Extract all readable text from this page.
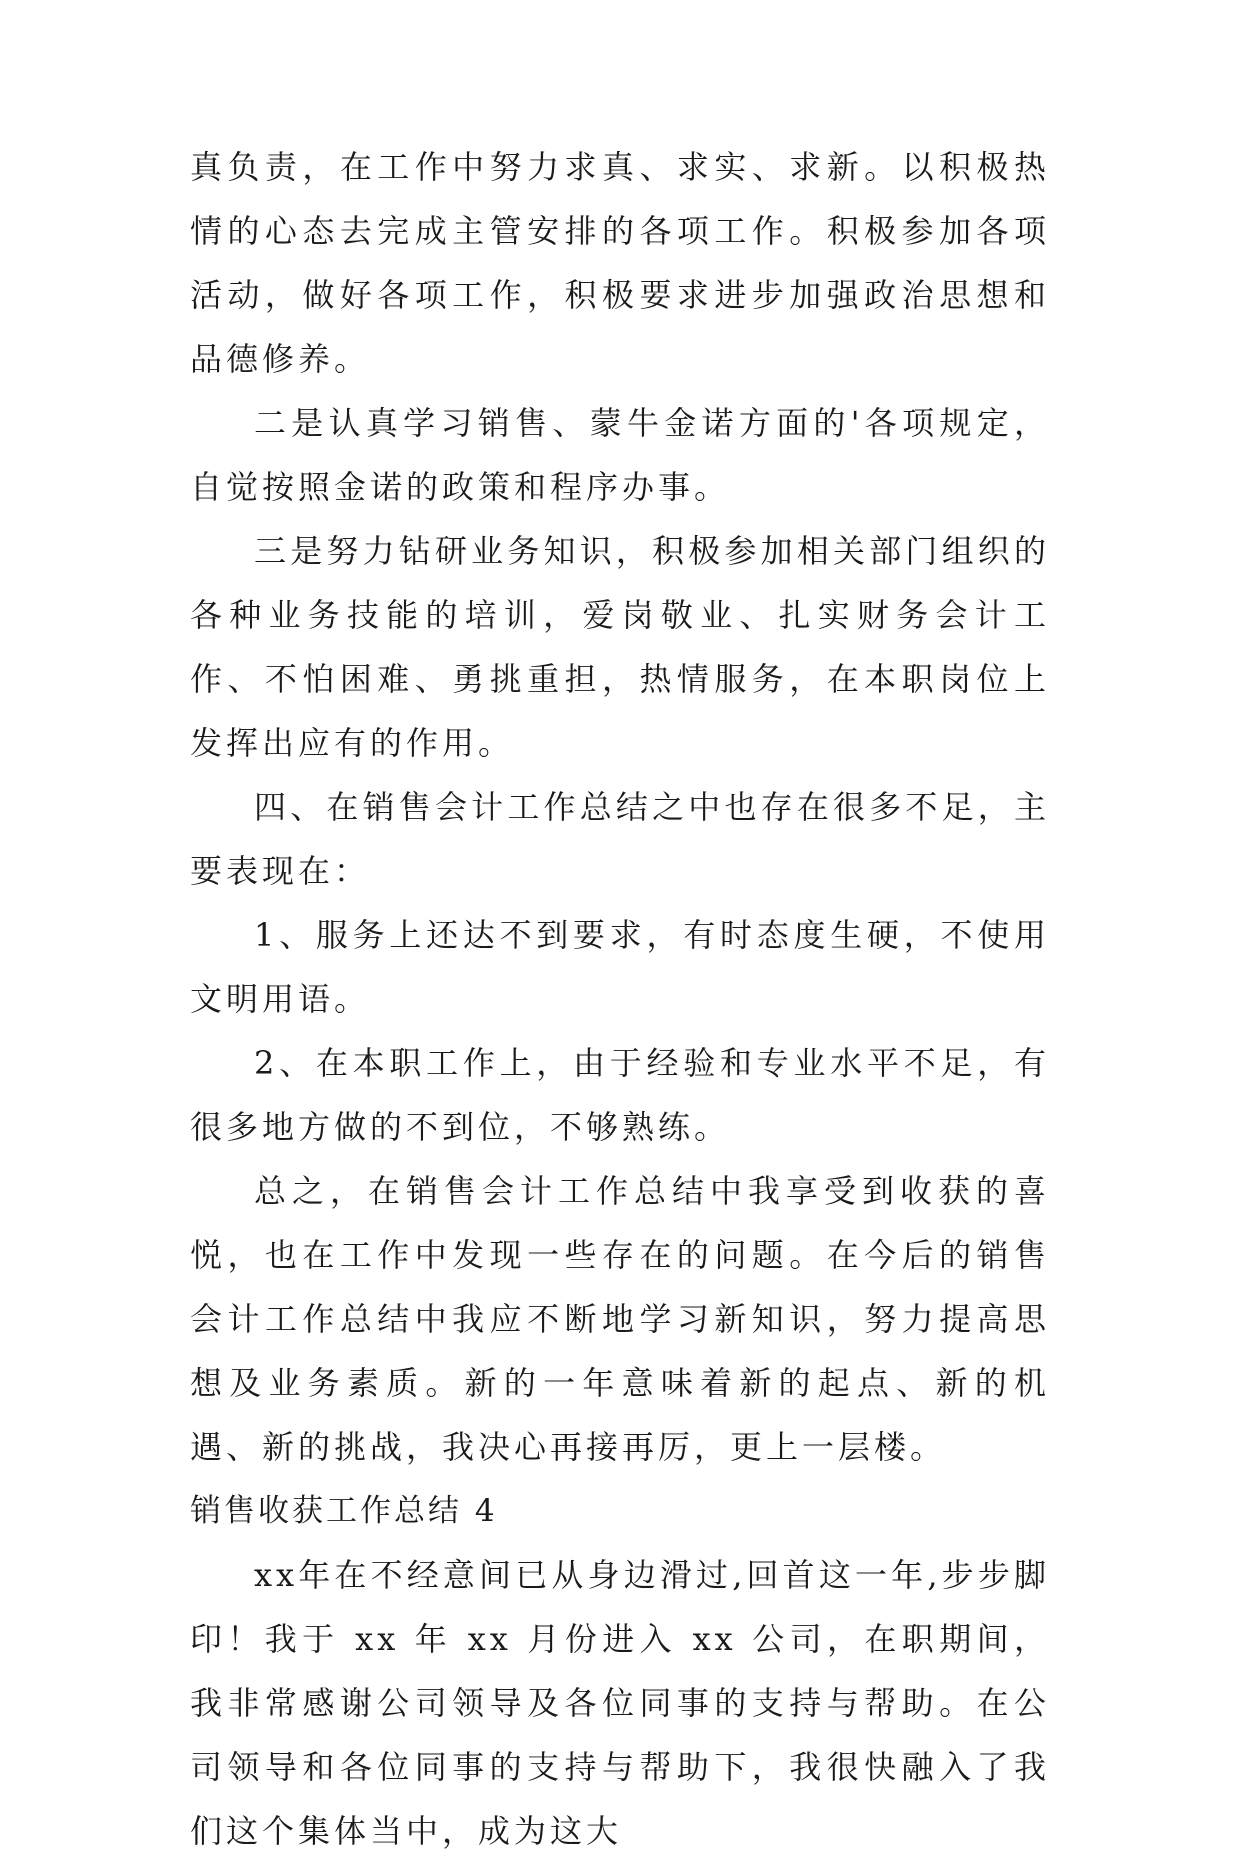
真负责，在工作中努力求真、求实、求新。以积极热情的心态去完成主管安排的各项工作。积极参加各项活动，做好各项工作，积极要求进步加强政治思想和品德修养。

二是认真学习销售、蒙牛金诺方面的'各项规定，自觉按照金诺的政策和程序办事。

三是努力钻研业务知识，积极参加相关部门组织的各种业务技能的培训，爱岗敬业、扎实财务会计工作、不怕困难、勇挑重担，热情服务，在本职岗位上发挥出应有的作用。

四、在销售会计工作总结之中也存在很多不足，主要表现在：

1、服务上还达不到要求，有时态度生硬，不使用文明用语。

2、在本职工作上，由于经验和专业水平不足，有很多地方做的不到位，不够熟练。

总之，在销售会计工作总结中我享受到收获的喜悦，也在工作中发现一些存在的问题。在今后的销售会计工作总结中我应不断地学习新知识，努力提高思想及业务素质。新的一年意味着新的起点、新的机遇、新的挑战，我决心再接再厉，更上一层楼。

销售收获工作总结 4

xx年在不经意间已从身边滑过,回首这一年,步步脚印！我于 xx 年 xx 月份进入 xx 公司，在职期间，我非常感谢公司领导及各位同事的支持与帮助。在公司领导和各位同事的支持与帮助下，我很快融入了我们这个集体当中，成为这大
